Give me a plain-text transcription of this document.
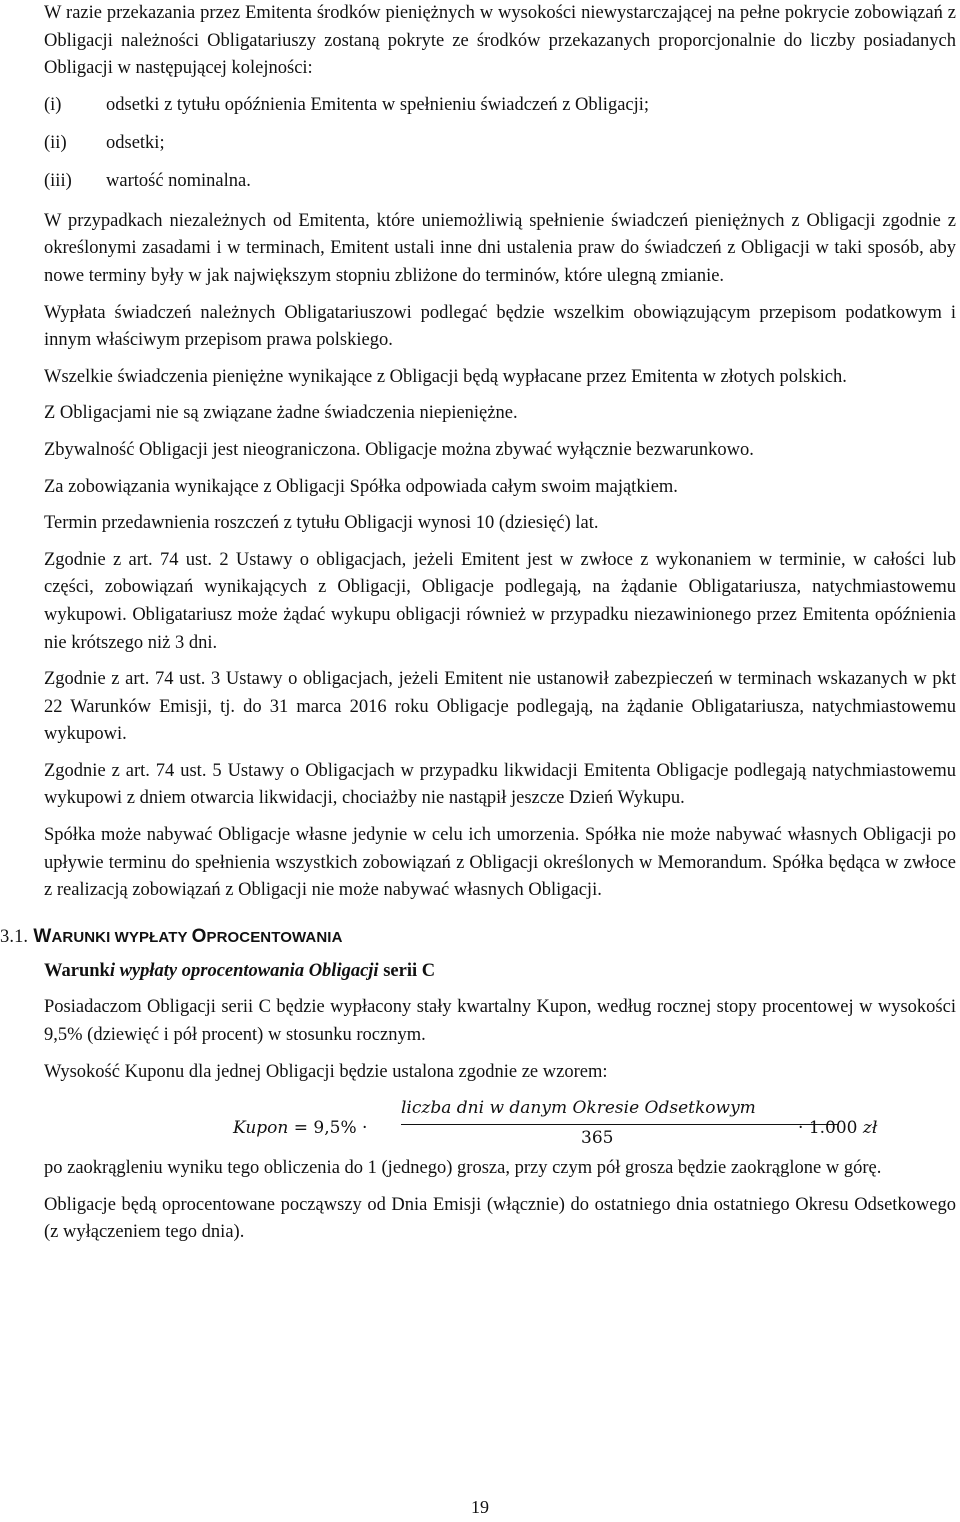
W razie przekazania przez Emitenta środków pieniężnych w wysokości niewystarczającej na pełne pokrycie zobowiązań z Obligacji należności Obligatariuszy zostaną pokryte ze środków przekazanych proporcjonalnie do liczby posiadanych Obligacji w następującej kolejności:

(i)	odsetki z tytułu opóźnienia Emitenta w spełnieniu świadczeń z Obligacji;
(ii)	odsetki;
(iii)	wartość nominalna.

W przypadkach niezależnych od Emitenta, które uniemożliwią spełnienie świadczeń pieniężnych z Obligacji zgodnie z określonymi zasadami i w terminach, Emitent ustali inne dni ustalenia praw do świadczeń z Obligacji w taki sposób, aby nowe terminy były w jak największym stopniu zbliżone do terminów, które ulegną zmianie.

Wypłata świadczeń należnych Obligatariuszowi podlegać będzie wszelkim obowiązującym przepisom podatkowym i innym właściwym przepisom prawa polskiego.

Wszelkie świadczenia pieniężne wynikające z Obligacji będą wypłacane przez Emitenta w złotych polskich.

Z Obligacjami nie są związane żadne świadczenia niepieniężne.

Zbywalność Obligacji jest nieograniczona. Obligacje można zbywać wyłącznie bezwarunkowo.

Za zobowiązania wynikające z Obligacji Spółka odpowiada całym swoim majątkiem.

Termin przedawnienia roszczeń z tytułu Obligacji wynosi 10 (dziesięć) lat.

Zgodnie z art. 74 ust. 2 Ustawy o obligacjach, jeżeli Emitent jest w zwłoce z wykonaniem w terminie, w całości lub części, zobowiązań wynikających z Obligacji, Obligacje podlegają, na żądanie Obligatariusza, natychmiastowemu wykupowi. Obligatariusz może żądać wykupu obligacji również w przypadku niezawinionego przez Emitenta opóźnienia nie krótszego niż 3 dni.

Zgodnie z art. 74 ust. 3 Ustawy o obligacjach, jeżeli Emitent nie ustanowił zabezpieczeń w terminach wskazanych w pkt 22 Warunków Emisji, tj. do 31 marca 2016 roku Obligacje podlegają, na żądanie Obligatariusza, natychmiastowemu wykupowi.

Zgodnie z art. 74 ust. 5 Ustawy o Obligacjach w przypadku likwidacji Emitenta Obligacje podlegają natychmiastowemu wykupowi z dniem otwarcia likwidacji, chociażby nie nastąpił jeszcze Dzień Wykupu.

Spółka może nabywać Obligacje własne jedynie w celu ich umorzenia. Spółka nie może nabywać własnych Obligacji po upływie terminu do spełnienia wszystkich zobowiązań z Obligacji określonych w Memorandum. Spółka będąca w zwłoce z realizacją zobowiązań z Obligacji nie może nabywać własnych Obligacji.

3.1. WARUNKI WYPŁATY OPROCENTOWANIA

Warunki wypłaty oprocentowania Obligacji serii C

Posiadaczom Obligacji serii C będzie wypłacony stały kwartalny Kupon, według rocznej stopy procentowej w wysokości 9,5% (dziewięć i pół procent) w stosunku rocznym.

Wysokość Kuponu dla jednej Obligacji będzie ustalona zgodnie ze wzorem:

Kupon = 9,5% ·
liczba dni w danym Okresie Odsetkowym
365	· 1.000 zł

po zaokrągleniu wyniku tego obliczenia do 1 (jednego) grosza, przy czym pół grosza będzie zaokrąglone w górę.

Obligacje będą oprocentowane począwszy od Dnia Emisji (włącznie) do ostatniego dnia ostatniego Okresu Odsetkowego (z wyłączeniem tego dnia).

19
